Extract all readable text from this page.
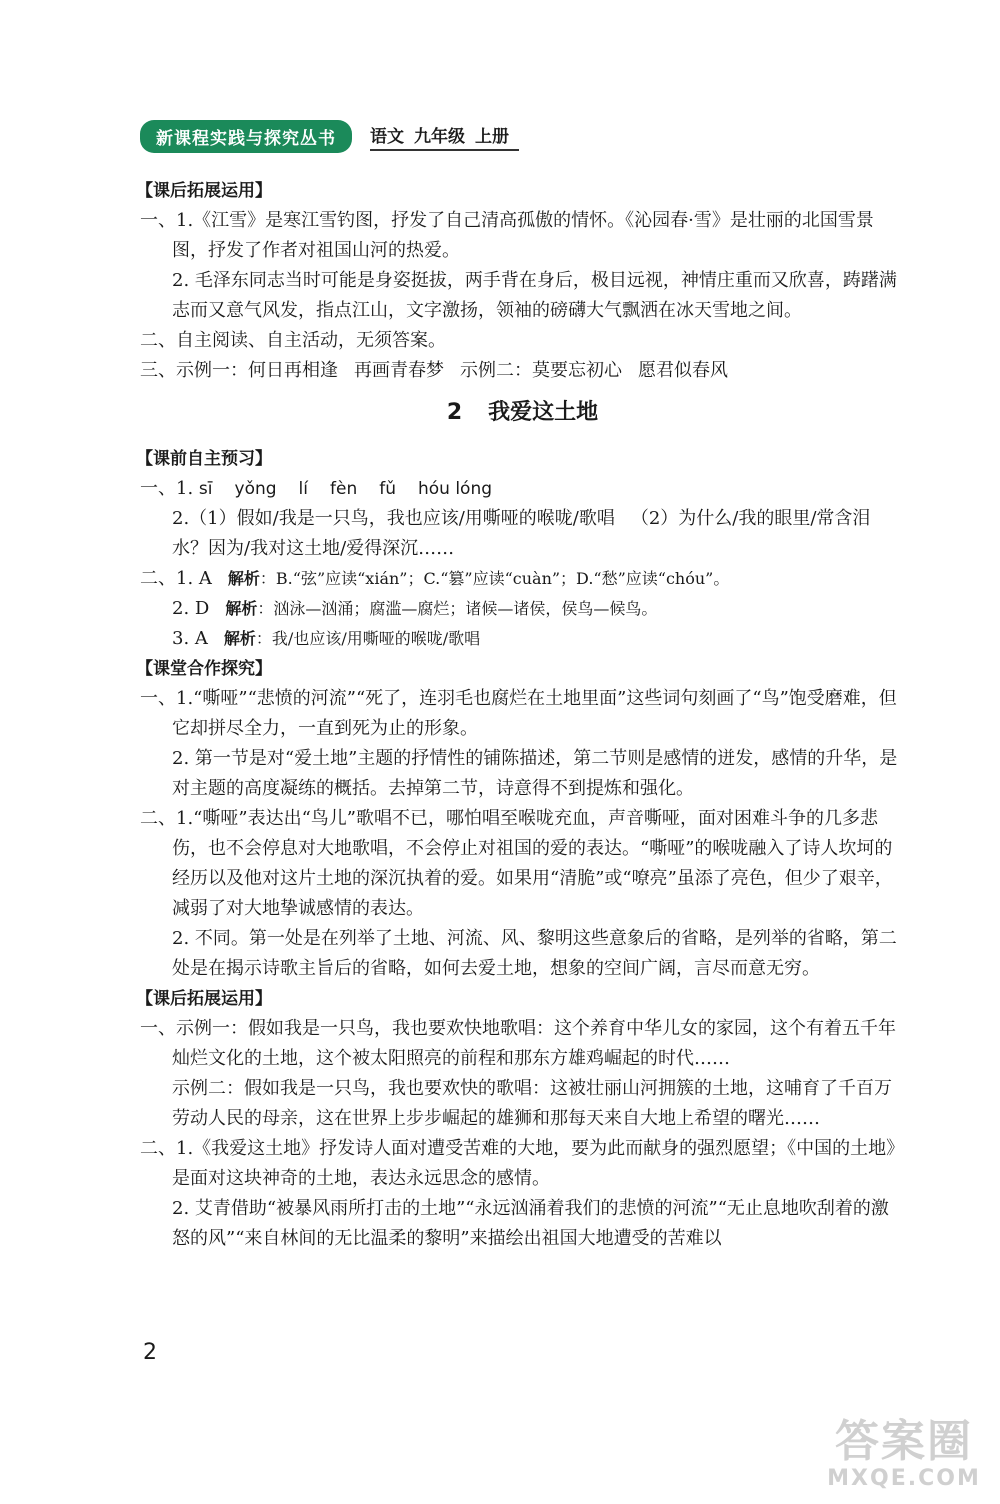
新课程实践与探究丛书	语文 九年级 上册
【课后拓展运用】
一、1.《江雪》是寒江雪钓图，抒发了自己清高孤傲的情怀。《沁园春·雪》是壮丽的北国雪景图，抒发了作者对祖国山河的热爱。
2. 毛泽东同志当时可能是身姿挺拔，两手背在身后，极目远视，神情庄重而又欣喜，踌躇满志而又意气风发，指点江山，文字激扬，领袖的磅礴大气飘洒在冰天雪地之间。
二、自主阅读、自主活动，无须答案。
三、示例一：何日再相逢 再画青春梦 示例二：莫要忘初心 愿君似春风
2 我爱这土地
【课前自主预习】
一、1. sī yǒng lí fèn fǔ hóu lóng
2.（1）假如/我是一只鸟，我也应该/用嘶哑的喉咙/歌唱 （2）为什么/我的眼里/常含泪水？因为/我对这土地/爱得深沉……
二、1. A 解析：B.“弦”应读“xián”；C.“篡”应读“cuàn”；D.“愁”应读“chóu”。
2. D 解析：汹泳—汹涌；腐滥—腐烂；诸候—诸侯，侯鸟—候鸟。
3. A 解析：我/也应该/用嘶哑的喉咙/歌唱
【课堂合作探究】
一、1.“嘶哑”“悲愤的河流”“死了，连羽毛也腐烂在土地里面”这些词句刻画了“鸟”饱受磨难，但它却拼尽全力，一直到死为止的形象。
2. 第一节是对“爱土地”主题的抒情性的铺陈描述，第二节则是感情的迸发，感情的升华，是对主题的高度凝练的概括。去掉第二节，诗意得不到提炼和强化。
二、1.“嘶哑”表达出“鸟儿”歌唱不已，哪怕唱至喉咙充血，声音嘶哑，面对困难斗争的几多悲伤，也不会停息对大地歌唱，不会停止对祖国的爱的表达。“嘶哑”的喉咙融入了诗人坎坷的经历以及他对这片土地的深沉执着的爱。如果用“清脆”或“嘹亮”虽添了亮色，但少了艰辛，减弱了对大地挚诚感情的表达。
2. 不同。第一处是在列举了土地、河流、风、黎明这些意象后的省略，是列举的省略，第二处是在揭示诗歌主旨后的省略，如何去爱土地，想象的空间广阔，言尽而意无穷。
【课后拓展运用】
一、示例一：假如我是一只鸟，我也要欢快地歌唱：这个养育中华儿女的家园，这个有着五千年灿烂文化的土地，这个被太阳照亮的前程和那东方雄鸡崛起的时代……
示例二：假如我是一只鸟，我也要欢快的歌唱：这被壮丽山河拥簇的土地，这哺育了千百万劳动人民的母亲，这在世界上步步崛起的雄狮和那每天来自大地上希望的曙光……
二、1.《我爱这土地》抒发诗人面对遭受苦难的大地，要为此而献身的强烈愿望；《中国的土地》是面对这块神奇的土地，表达永远思念的感情。
2. 艾青借助“被暴风雨所打击的土地”“永远汹涌着我们的悲愤的河流”“无止息地吹刮着的激怒的风”“来自林间的无比温柔的黎明”来描绘出祖国大地遭受的苦难以
2
答案圈
MXQE.COM
